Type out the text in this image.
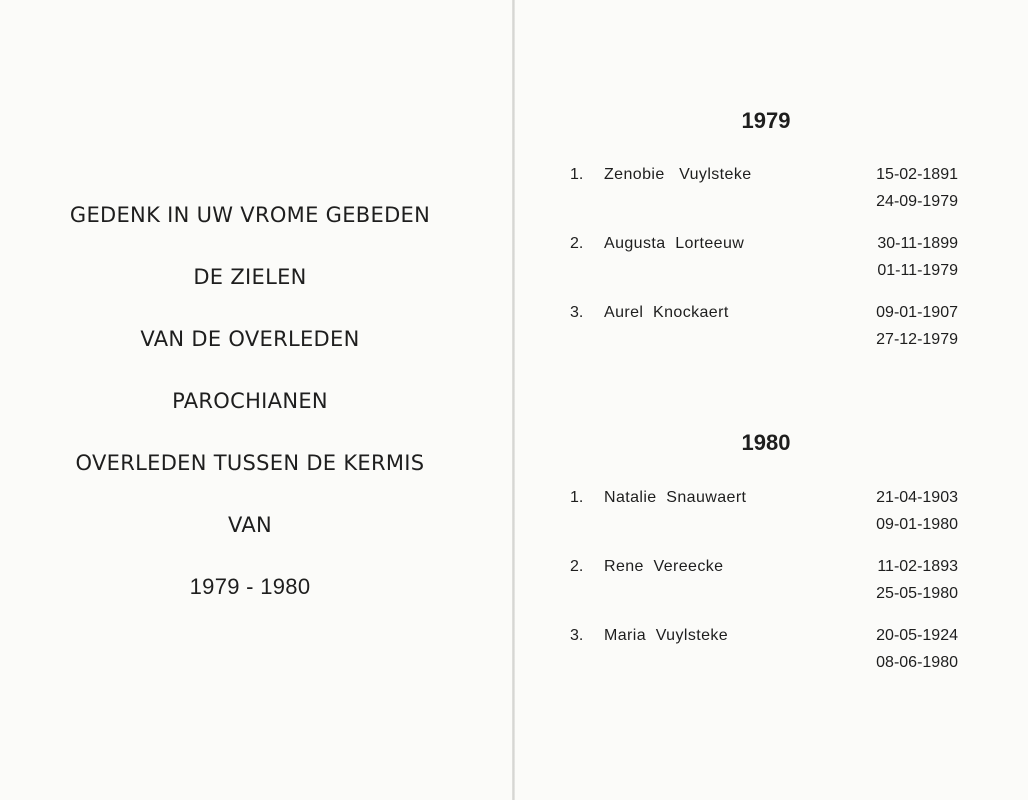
GEDENK IN UW VROME GEBEDEN
DE ZIELEN
VAN DE OVERLEDEN
PAROCHIANEN
OVERLEDEN TUSSEN DE KERMIS
VAN
1979 - 1980
1979
1. Zenobie   Vuylsteke	15-02-1891
24-09-1979
2. Augusta  Lorteeuw	30-11-1899
01-11-1979
3. Aurel  Knockaert	09-01-1907
27-12-1979
1980
1. Natalie  Snauwaert	21-04-1903
09-01-1980
2. Rene  Vereecke	11-02-1893
25-05-1980
3. Maria  Vuylsteke	20-05-1924
08-06-1980
